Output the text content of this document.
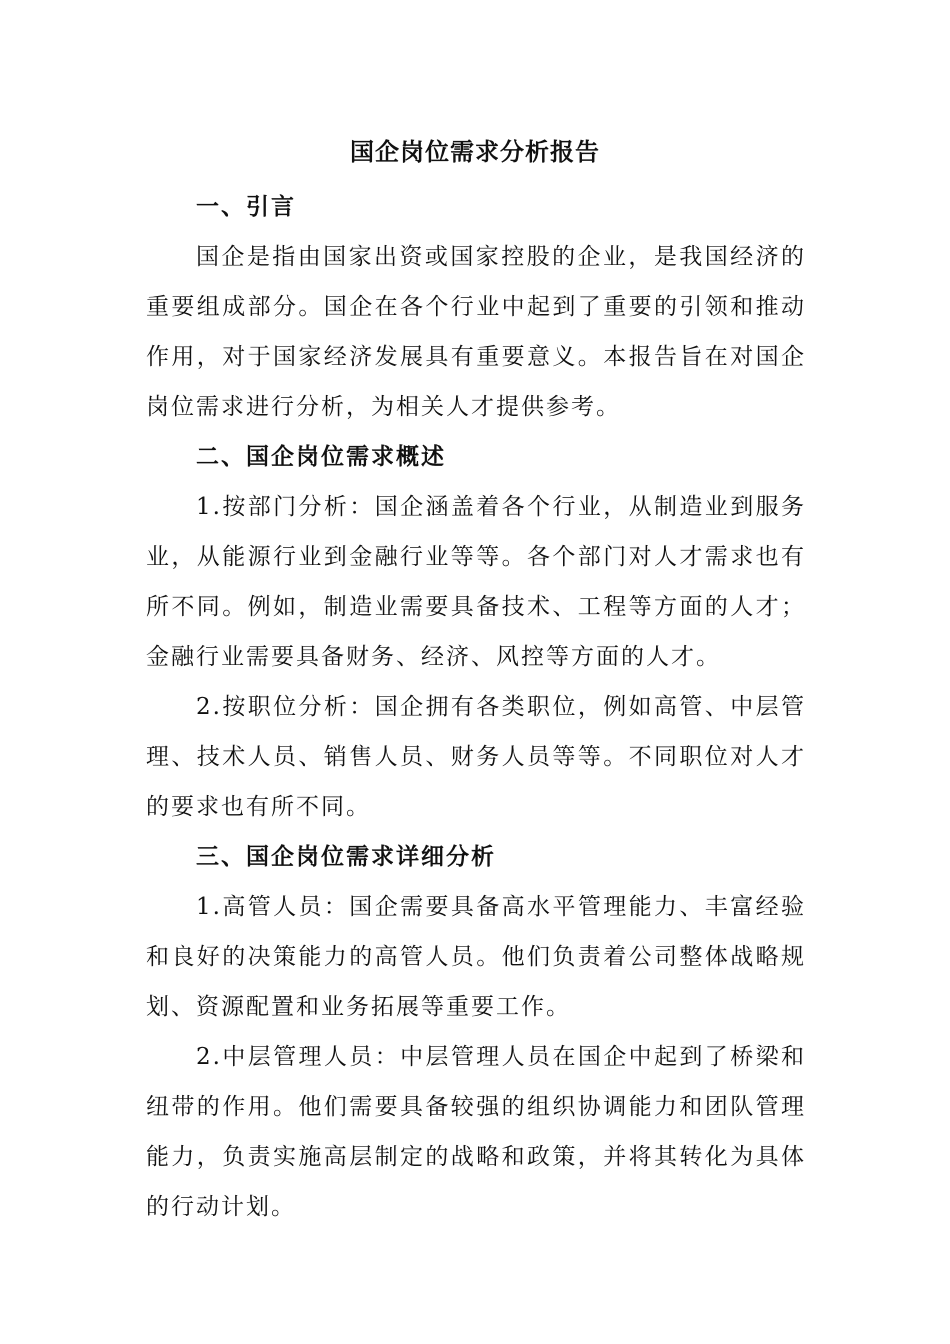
国企岗位需求分析报告

一、引言

国企是指由国家出资或国家控股的企业，是我国经济的重要组成部分。国企在各个行业中起到了重要的引领和推动作用，对于国家经济发展具有重要意义。本报告旨在对国企岗位需求进行分析，为相关人才提供参考。

二、国企岗位需求概述

1.按部门分析：国企涵盖着各个行业，从制造业到服务业，从能源行业到金融行业等等。各个部门对人才需求也有所不同。例如，制造业需要具备技术、工程等方面的人才；金融行业需要具备财务、经济、风控等方面的人才。

2.按职位分析：国企拥有各类职位，例如高管、中层管理、技术人员、销售人员、财务人员等等。不同职位对人才的要求也有所不同。

三、国企岗位需求详细分析

1.高管人员：国企需要具备高水平管理能力、丰富经验和良好的决策能力的高管人员。他们负责着公司整体战略规划、资源配置和业务拓展等重要工作。

2.中层管理人员：中层管理人员在国企中起到了桥梁和纽带的作用。他们需要具备较强的组织协调能力和团队管理能力，负责实施高层制定的战略和政策，并将其转化为具体的行动计划。
